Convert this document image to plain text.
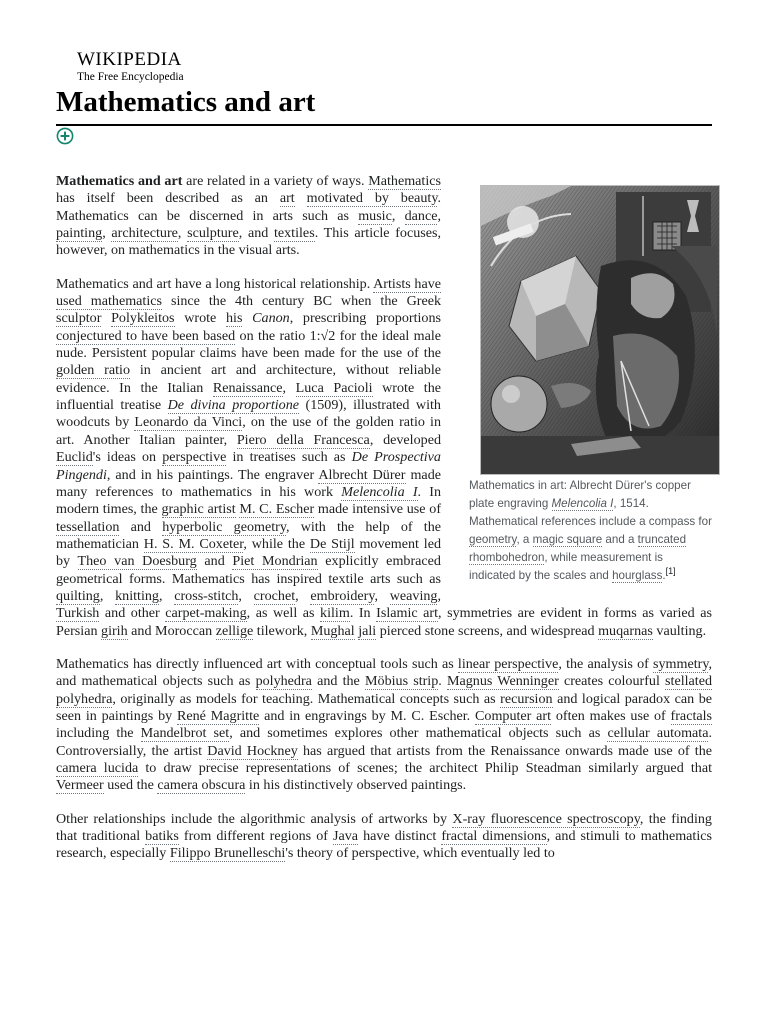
WIKIPEDIA
The Free Encyclopedia
Mathematics and art
Mathematics in art: Albrecht Dürer's copper plate engraving Melencolia I, 1514. Mathematical references include a compass for geometry, a magic square and a truncated rhombohedron, while measurement is indicated by the scales and hourglass.[1]

Mathematics and art are related in a variety of ways. Mathematics has itself been described as an art motivated by beauty. Mathematics can be discerned in arts such as music, dance, painting, architecture, sculpture, and textiles. This article focuses, however, on mathematics in the visual arts.

Mathematics and art have a long historical relationship. Artists have used mathematics since the 4th century BC when the Greek sculptor Polykleitos wrote his Canon, prescribing proportions conjectured to have been based on the ratio 1:√2 for the ideal male nude. Persistent popular claims have been made for the use of the golden ratio in ancient art and architecture, without reliable evidence. In the Italian Renaissance, Luca Pacioli wrote the influential treatise De divina proportione (1509), illustrated with woodcuts by Leonardo da Vinci, on the use of the golden ratio in art. Another Italian painter, Piero della Francesca, developed Euclid's ideas on perspective in treatises such as De Prospectiva Pingendi, and in his paintings. The engraver Albrecht Dürer made many references to mathematics in his work Melencolia I. In modern times, the graphic artist M. C. Escher made intensive use of tessellation and hyperbolic geometry, with the help of the mathematician H. S. M. Coxeter, while the De Stijl movement led by Theo van Doesburg and Piet Mondrian explicitly embraced geometrical forms. Mathematics has inspired textile arts such as quilting, knitting, cross-stitch, crochet, embroidery, weaving, Turkish and other carpet-making, as well as kilim. In Islamic art, symmetries are evident in forms as varied as Persian girih and Moroccan zellige tilework, Mughal jali pierced stone screens, and widespread muqarnas vaulting.

Mathematics has directly influenced art with conceptual tools such as linear perspective, the analysis of symmetry, and mathematical objects such as polyhedra and the Möbius strip. Magnus Wenninger creates colourful stellated polyhedra, originally as models for teaching. Mathematical concepts such as recursion and logical paradox can be seen in paintings by René Magritte and in engravings by M. C. Escher. Computer art often makes use of fractals including the Mandelbrot set, and sometimes explores other mathematical objects such as cellular automata. Controversially, the artist David Hockney has argued that artists from the Renaissance onwards made use of the camera lucida to draw precise representations of scenes; the architect Philip Steadman similarly argued that Vermeer used the camera obscura in his distinctively observed paintings.

Other relationships include the algorithmic analysis of artworks by X-ray fluorescence spectroscopy, the finding that traditional batiks from different regions of Java have distinct fractal dimensions, and stimuli to mathematics research, especially Filippo Brunelleschi's theory of perspective, which eventually led to
